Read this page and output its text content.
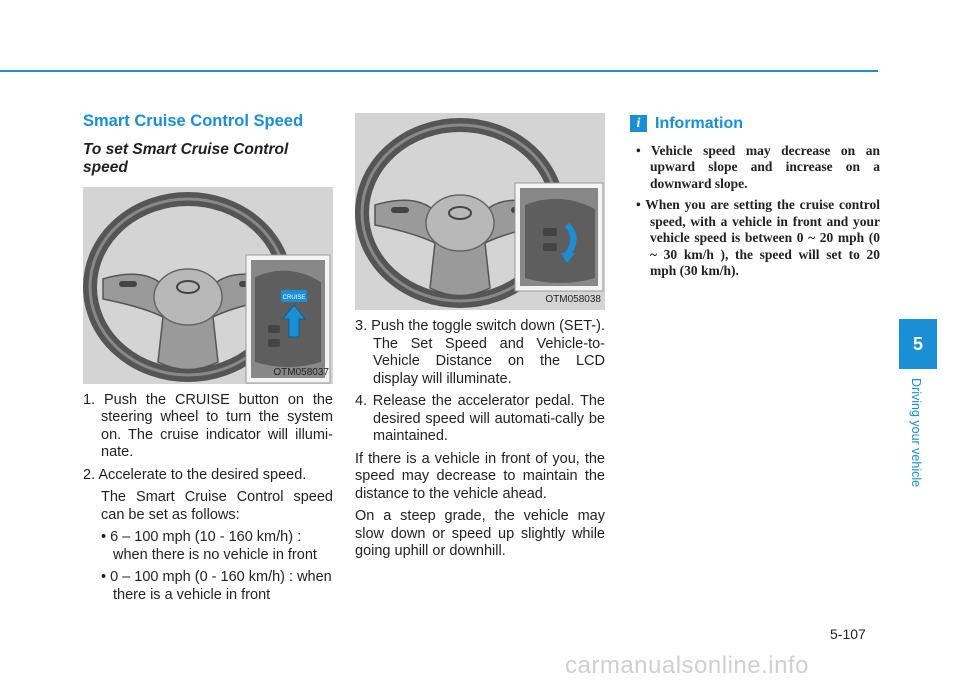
Smart Cruise Control Speed
To set Smart Cruise Control speed
CRUISE
OTM058037
1. Push the CRUISE button on the steering wheel to turn the system on. The cruise indicator will illumi-nate.
2. Accelerate to the desired speed.
The Smart Cruise Control speed can be set as follows:
• 6 – 100 mph (10 - 160 km/h) : when there is no vehicle in front
• 0 – 100 mph (0 - 160 km/h) : when there is a vehicle in front
OTM058038
3. Push the toggle switch down (SET-). The Set Speed and Vehicle-to-Vehicle Distance on the LCD display will illuminate.
4. Release the accelerator pedal. The desired speed will automati-cally be maintained.
If there is a vehicle in front of you, the speed may decrease to maintain the distance to the vehicle ahead.
On a steep grade, the vehicle may slow down or speed up slightly while going uphill or downhill.
i Information
• Vehicle speed may decrease on an upward slope and increase on a downward slope.
• When you are setting the cruise control speed, with a vehicle in front and your vehicle speed is between 0 ~ 20 mph (0 ~ 30 km/h ), the speed will set to 20 mph (30 km/h).
5
Driving your vehicle
5-107
carmanualsonline.info
